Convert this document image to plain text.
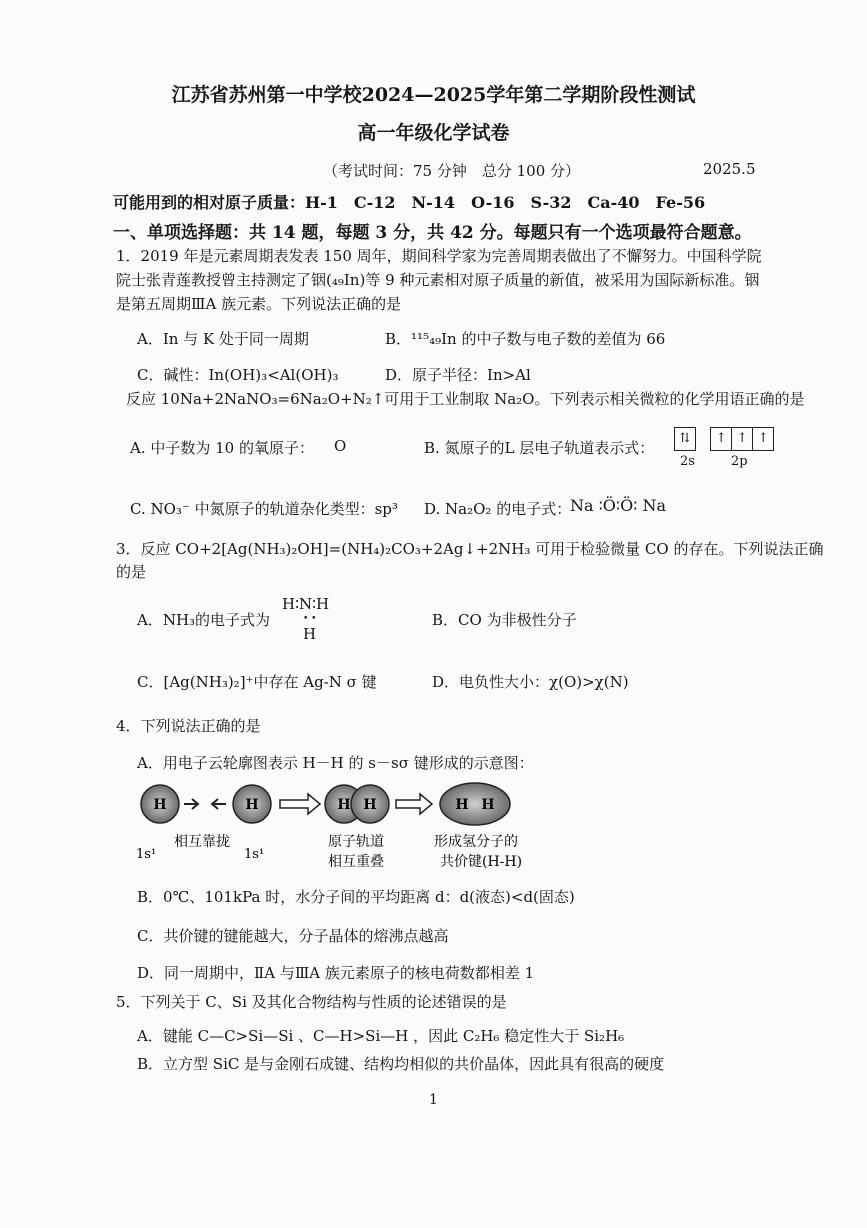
江苏省苏州第一中学校2024—2025学年第二学期阶段性测试
高一年级化学试卷
（考试时间：75 分钟　总分 100 分）	2025.5
可能用到的相对原子质量：H-1　C-12　N-14　O-16　S-32　Ca-40　Fe-56
一、单项选择题：共 14 题，每题 3 分，共 42 分。每题只有一个选项最符合题意。
1．2019 年是元素周期表发表 150 周年，期间科学家为完善周期表做出了不懈努力。中国科学院
院士张青莲教授曾主持测定了铟(₄₉In)等 9 种元素相对原子质量的新值，被采用为国际新标准。铟
是第五周期ⅢA 族元素。下列说法正确的是
A．In 与 K 处于同一周期	B．¹¹⁵₄₉In 的中子数与电子数的差值为 66
C．碱性：In(OH)₃<Al(OH)₃	D．原子半径：In>Al
反应 10Na+2NaNO₃=6Na₂O+N₂↑可用于工业制取 Na₂O。下列表示相关微粒的化学用语正确的是
A. 中子数为 10 的氧原子： O	B. 氮原子的L 层电子轨道表示式：
⇅ ↑ ↑ ↑
2s	2p
C. NO₃⁻ 中氮原子的轨道杂化类型：sp³ D. Na₂O₂ 的电子式：
Na ∶Ö∶Ö∶ Na
3．反应 CO+2[Ag(NH₃)₂OH]=(NH₄)₂CO₃+2Ag↓+2NH₃ 可用于检验微量 CO 的存在。下列说法正确
的是
A．NH₃的电子式为
H∶N∶H
• •
H
B．CO 为非极性分子
C．[Ag(NH₃)₂]⁺中存在 Ag-N σ 键	D．电负性大小：χ(O)>χ(N)
4．下列说法正确的是
A．用电子云轮廓图表示 H－H 的 s－sσ 键形成的示意图：
H	H	H H	H H
1s¹
相互靠拢
1s¹
原子轨道
相互重叠
形成氢分子的
共价键(H-H)
B．0℃、101kPa 时，水分子间的平均距离 d：d(液态)<d(固态)
C．共价键的键能越大，分子晶体的熔沸点越高
D．同一周期中，ⅡA 与ⅢA 族元素原子的核电荷数都相差 1
5．下列关于 C、Si 及其化合物结构与性质的论述错误的是
A．键能 C—C>Si—Si 、C—H>Si—H ，因此 C₂H₆ 稳定性大于 Si₂H₆
B．立方型 SiC 是与金刚石成键、结构均相似的共价晶体，因此具有很高的硬度
1
